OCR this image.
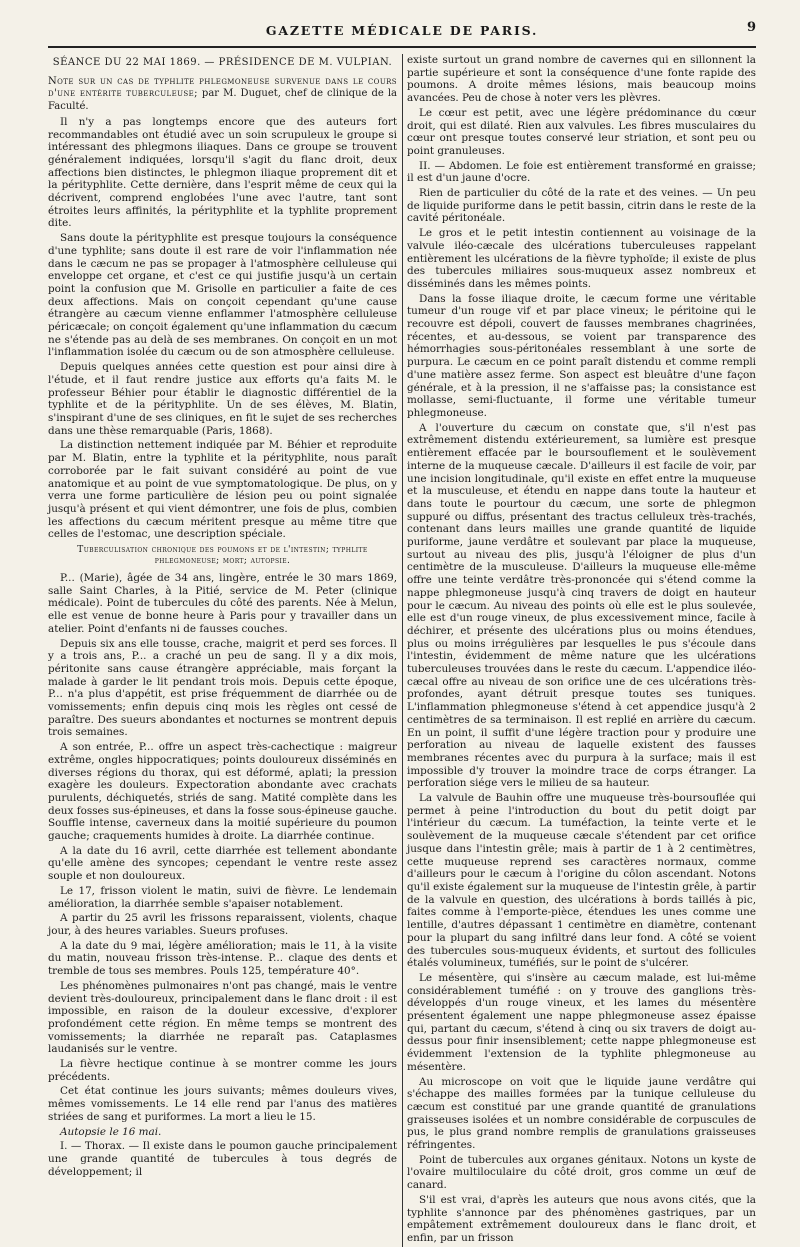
GAZETTE MÉDICALE DE PARIS.	9
SÉANCE DU 22 MAI 1869. — PRÉSIDENCE DE M. VULPIAN.

Note sur un cas de typhlite phlegmoneuse survenue dans le cours d'une entérite tuberculeuse; par M. Duguet, chef de clinique de la Faculté.

Il n'y a pas longtemps encore que des auteurs fort recommandables ont étudié avec un soin scrupuleux le groupe si intéressant des phlegmons iliaques. Dans ce groupe se trouvent généralement indiquées, lorsqu'il s'agit du flanc droit, deux affections bien distinctes, le phlegmon iliaque proprement dit et la pérityphlite. Cette dernière, dans l'esprit même de ceux qui la décrivent, comprend englobées l'une avec l'autre, tant sont étroites leurs affinités, la pérityphlite et la typhlite proprement dite.

Sans doute la pérityphlite est presque toujours la conséquence d'une typhlite; sans doute il est rare de voir l'inflammation née dans le cæcum ne pas se propager à l'atmosphère celluleuse qui enveloppe cet organe, et c'est ce qui justifie jusqu'à un certain point la confusion que M. Grisolle en particulier a faite de ces deux affections. Mais on conçoit cependant qu'une cause étrangère au cæcum vienne enflammer l'atmosphère celluleuse péricæcale; on conçoit également qu'une inflammation du cæcum ne s'étende pas au delà de ses membranes. On conçoit en un mot l'inflammation isolée du cæcum ou de son atmosphère celluleuse.

Depuis quelques années cette question est pour ainsi dire à l'étude, et il faut rendre justice aux efforts qu'a faits M. le professeur Béhier pour établir le diagnostic différentiel de la typhlite et de la pérityphlite. Un de ses élèves, M. Blatin, s'inspirant d'une de ses cliniques, en fit le sujet de ses recherches dans une thèse remarquable (Paris, 1868).

La distinction nettement indiquée par M. Béhier et reproduite par M. Blatin, entre la typhlite et la pérityphlite, nous paraît corroborée par le fait suivant considéré au point de vue anatomique et au point de vue symptomatologique. De plus, on y verra une forme particulière de lésion peu ou point signalée jusqu'à présent et qui vient démontrer, une fois de plus, combien les affections du cæcum méritent presque au même titre que celles de l'estomac, une description spéciale.

Tuberculisation chronique des poumons et de l'intestin; typhlite phlegmoneuse; mort; autopsie.

P... (Marie), âgée de 34 ans, lingère, entrée le 30 mars 1869, salle Saint Charles, à la Pitié, service de M. Peter (clinique médicale). Point de tubercules du côté des parents. Née à Melun, elle est venue de bonne heure à Paris pour y travailler dans un atelier. Point d'enfants ni de fausses couches.

Depuis six ans elle tousse, crache, maigrit et perd ses forces. Il y a trois ans, P... a craché un peu de sang. Il y a dix mois, péritonite sans cause étrangère appréciable, mais forçant la malade à garder le lit pendant trois mois. Depuis cette époque, P... n'a plus d'appétit, est prise fréquemment de diarrhée ou de vomissements; enfin depuis cinq mois les règles ont cessé de paraître. Des sueurs abondantes et nocturnes se montrent depuis trois semaines.

A son entrée, P... offre un aspect très-cachectique : maigreur extrême, ongles hippocratiques; points douloureux disséminés en diverses régions du thorax, qui est déformé, aplati; la pression exagère les douleurs. Expectoration abondante avec crachats purulents, déchiquetés, striés de sang. Matité complète dans les deux fosses sus-épineuses, et dans la fosse sous-épineuse gauche. Souffle intense, caverneux dans la moitié supérieure du poumon gauche; craquements humides à droite. La diarrhée continue.

A la date du 16 avril, cette diarrhée est tellement abondante qu'elle amène des syncopes; cependant le ventre reste assez souple et non douloureux.

Le 17, frisson violent le matin, suivi de fièvre. Le lendemain amélioration, la diarrhée semble s'apaiser notablement.

A partir du 25 avril les frissons reparaissent, violents, chaque jour, à des heures variables. Sueurs profuses.

A la date du 9 mai, légère amélioration; mais le 11, à la visite du matin, nouveau frisson très-intense. P... claque des dents et tremble de tous ses membres. Pouls 125, température 40°.

Les phénomènes pulmonaires n'ont pas changé, mais le ventre devient très-douloureux, principalement dans le flanc droit : il est impossible, en raison de la douleur excessive, d'explorer profondément cette région. En même temps se montrent des vomissements; la diarrhée ne reparaît pas. Cataplasmes laudanisés sur le ventre.

La fièvre hectique continue à se montrer comme les jours précédents.

Cet état continue les jours suivants; mêmes douleurs vives, mêmes vomissements. Le 14 elle rend par l'anus des matières striées de sang et puriformes. La mort a lieu le 15.

Autopsie le 16 mai.

I. — Thorax. — Il existe dans le poumon gauche principalement une grande quantité de tubercules à tous degrés de développement; il

existe surtout un grand nombre de cavernes qui en sillonnent la partie supérieure et sont la conséquence d'une fonte rapide des poumons. A droite mêmes lésions, mais beaucoup moins avancées. Peu de chose à noter vers les plèvres.

Le cœur est petit, avec une légère prédominance du cœur droit, qui est dilaté. Rien aux valvules. Les fibres musculaires du cœur ont presque toutes conservé leur striation, et sont peu ou point granuleuses.

II. — Abdomen. Le foie est entièrement transformé en graisse; il est d'un jaune d'ocre.

Rien de particulier du côté de la rate et des veines. — Un peu de liquide puriforme dans le petit bassin, citrin dans le reste de la cavité péritonéale.

Le gros et le petit intestin contiennent au voisinage de la valvule iléo-cæcale des ulcérations tuberculeuses rappelant entièrement les ulcérations de la fièvre typhoïde; il existe de plus des tubercules miliaires sous-muqueux assez nombreux et disséminés dans les mêmes points.

Dans la fosse iliaque droite, le cæcum forme une véritable tumeur d'un rouge vif et par place vineux; le péritoine qui le recouvre est dépoli, couvert de fausses membranes chagrinées, récentes, et au-dessous, se voient par transparence des hémorrhagies sous-péritonéales ressemblant à une sorte de purpura. Le cæcum en ce point paraît distendu et comme rempli d'une matière assez ferme. Son aspect est bleuâtre d'une façon générale, et à la pression, il ne s'affaisse pas; la consistance est mollasse, semi-fluctuante, il forme une véritable tumeur phlegmoneuse.

A l'ouverture du cæcum on constate que, s'il n'est pas extrêmement distendu extérieurement, sa lumière est presque entièrement effacée par le boursouflement et le soulèvement interne de la muqueuse cæcale. D'ailleurs il est facile de voir, par une incision longitudinale, qu'il existe en effet entre la muqueuse et la musculeuse, et étendu en nappe dans toute la hauteur et dans toute le pourtour du cæcum, une sorte de phlegmon suppuré ou diffus, présentant des tractus celluleux très-trachés, contenant dans leurs mailles une grande quantité de liquide puriforme, jaune verdâtre et soulevant par place la muqueuse, surtout au niveau des plis, jusqu'à l'éloigner de plus d'un centimètre de la musculeuse. D'ailleurs la muqueuse elle-même offre une teinte verdâtre très-prononcée qui s'étend comme la nappe phlegmoneuse jusqu'à cinq travers de doigt en hauteur pour le cæcum. Au niveau des points où elle est le plus soulevée, elle est d'un rouge vineux, de plus excessivement mince, facile à déchirer, et présente des ulcérations plus ou moins étendues, plus ou moins irrégulières par lesquelles le pus s'écoule dans l'intestin, évidemment de même nature que les ulcérations tuberculeuses trouvées dans le reste du cæcum. L'appendice iléo-cæcal offre au niveau de son orifice une de ces ulcérations très-profondes, ayant détruit presque toutes ses tuniques. L'inflammation phlegmoneuse s'étend à cet appendice jusqu'à 2 centimètres de sa terminaison. Il est replié en arrière du cæcum. En un point, il suffit d'une légère traction pour y produire une perforation au niveau de laquelle existent des fausses membranes récentes avec du purpura à la surface; mais il est impossible d'y trouver la moindre trace de corps étranger. La perforation siége vers le milieu de sa hauteur.

La valvule de Bauhin offre une muqueuse très-boursouflée qui permet à peine l'introduction du bout du petit doigt par l'intérieur du cæcum. La tuméfaction, la teinte verte et le soulèvement de la muqueuse cæcale s'étendent par cet orifice jusque dans l'intestin grêle; mais à partir de 1 à 2 centimètres, cette muqueuse reprend ses caractères normaux, comme d'ailleurs pour le cæcum à l'origine du côlon ascendant. Notons qu'il existe également sur la muqueuse de l'intestin grêle, à partir de la valvule en question, des ulcérations à bords taillés à pic, faites comme à l'emporte-pièce, étendues les unes comme une lentille, d'autres dépassant 1 centimètre en diamètre, contenant pour la plupart du sang infiltré dans leur fond. A côté se voient des tubercules sous-muqueux évidents, et surtout des follicules étalés volumineux, tuméfiés, sur le point de s'ulcérer.

Le mésentère, qui s'insère au cæcum malade, est lui-même considérablement tuméfié : on y trouve des ganglions très-développés d'un rouge vineux, et les lames du mésentère présentent également une nappe phlegmoneuse assez épaisse qui, partant du cæcum, s'étend à cinq ou six travers de doigt au-dessus pour finir insensiblement; cette nappe phlegmoneuse est évidemment l'extension de la typhlite phlegmoneuse au mésentère.

Au microscope on voit que le liquide jaune verdâtre qui s'échappe des mailles formées par la tunique celluleuse du cæcum est constitué par une grande quantité de granulations graisseuses isolées et un nombre considérable de corpuscules de pus, le plus grand nombre remplis de granulations graisseuses réfringentes.

Point de tubercules aux organes génitaux. Notons un kyste de l'ovaire multiloculaire du côté droit, gros comme un œuf de canard.

S'il est vrai, d'après les auteurs que nous avons cités, que la typhlite s'annonce par des phénomènes gastriques, par un empâtement extrêmement douloureux dans le flanc droit, et enfin, par un frisson
